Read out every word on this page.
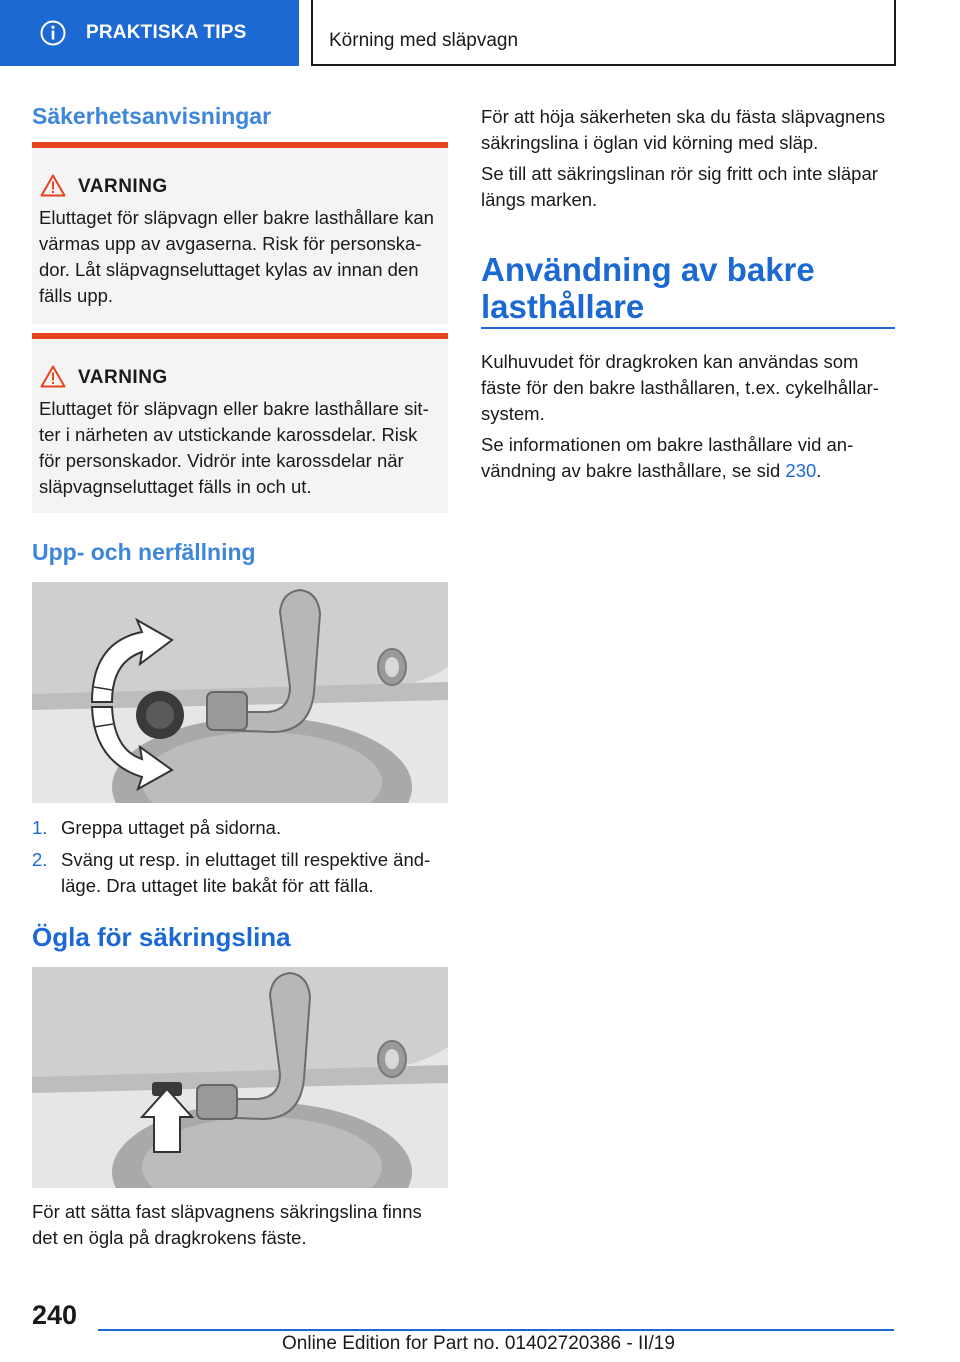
PRAKTISKA TIPS	Körning med släpvagn
Säkerhetsanvisningar
VARNING
Eluttaget för släpvagn eller bakre lasthållare kan
värmas upp av avgaserna. Risk för personska-
dor. Låt släpvagnseluttaget kylas av innan den
fälls upp.
VARNING
Eluttaget för släpvagn eller bakre lasthållare sit-
ter i närheten av utstickande karossdelar. Risk
för personskador. Vidrör inte karossdelar när
släpvagnseluttaget fälls in och ut.
Upp- och nerfällning
1. Greppa uttaget på sidorna.
2. Sväng ut resp. in eluttaget till respektive änd-
läge. Dra uttaget lite bakåt för att fälla.
Ögla för säkringslina
För att sätta fast släpvagnens säkringslina finns
det en ögla på dragkrokens fäste.
För att höja säkerheten ska du fästa släpvagnens
säkringslina i öglan vid körning med släp.
Se till att säkringslinan rör sig fritt och inte släpar
längs marken.
Användning av bakre
lasthållare
Kulhuvudet för dragkroken kan användas som
fäste för den bakre lasthållaren, t.ex. cykelhållar-
system.
Se informationen om bakre lasthållare vid an-
vändning av bakre lasthållare, se sid 230.
240
Online Edition for Part no. 01402720386 - II/19
